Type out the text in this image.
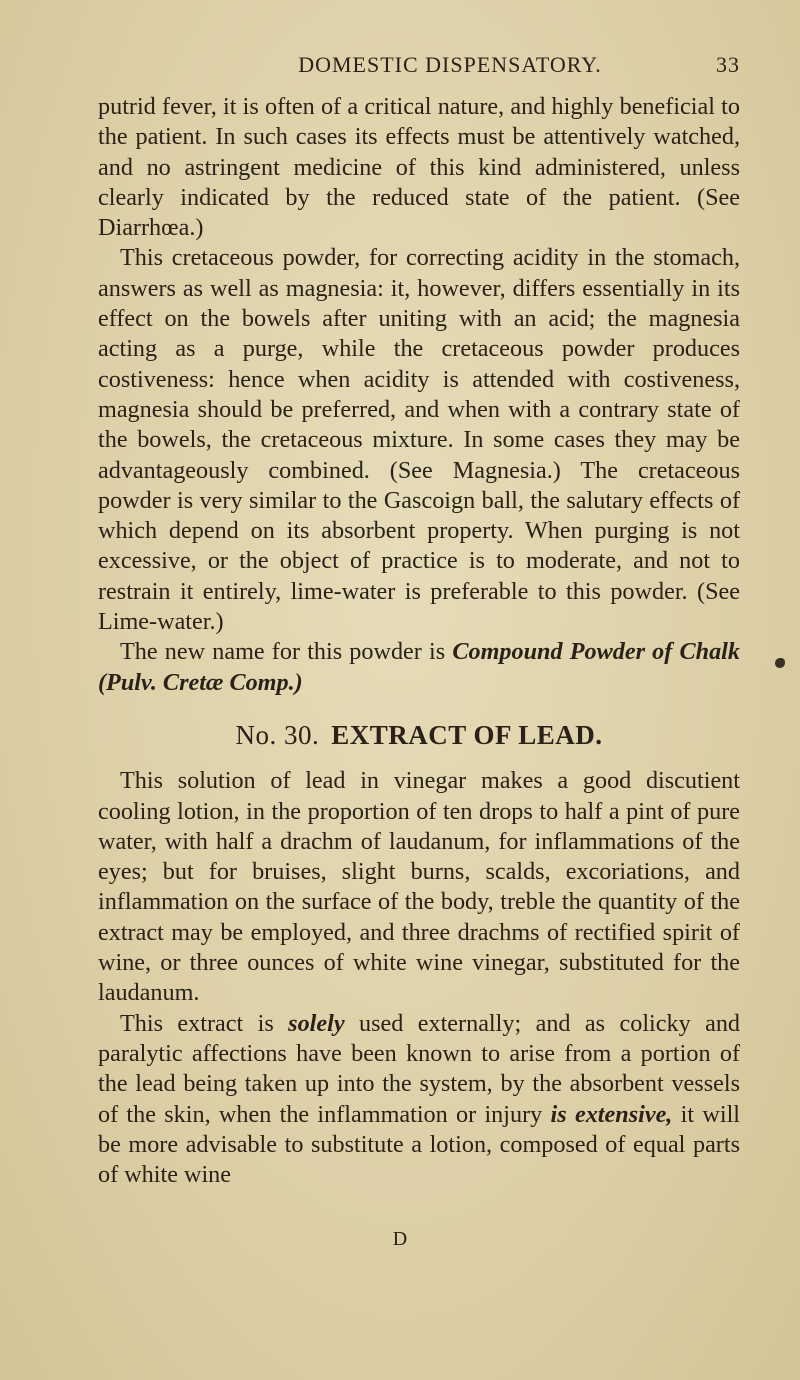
DOMESTIC DISPENSATORY.	33

putrid fever, it is often of a critical nature, and highly beneficial to the patient. In such cases its effects must be attentively watched, and no astringent medicine of this kind administered, unless clearly indicated by the reduced state of the patient. (See Diarrhœa.)

This cretaceous powder, for correcting acidity in the stomach, answers as well as magnesia: it, however, differs essentially in its effect on the bowels after uniting with an acid; the magnesia acting as a purge, while the cretaceous powder produces costiveness: hence when acidity is attended with costiveness, magnesia should be preferred, and when with a contrary state of the bowels, the cretaceous mixture. In some cases they may be advantageously combined. (See Magnesia.) The cretaceous powder is very similar to the Gascoign ball, the salutary effects of which depend on its absorbent property. When purging is not excessive, or the object of practice is to moderate, and not to restrain it entirely, lime-water is preferable to this powder. (See Lime-water.)

The new name for this powder is Compound Powder of Chalk (Pulv. Cretæ Comp.)

No. 30. EXTRACT OF LEAD.

This solution of lead in vinegar makes a good discutient cooling lotion, in the proportion of ten drops to half a pint of pure water, with half a drachm of laudanum, for inflammations of the eyes; but for bruises, slight burns, scalds, excoriations, and inflammation on the surface of the body, treble the quantity of the extract may be employed, and three drachms of rectified spirit of wine, or three ounces of white wine vinegar, substituted for the laudanum.

This extract is solely used externally; and as colicky and paralytic affections have been known to arise from a portion of the lead being taken up into the system, by the absorbent vessels of the skin, when the inflammation or injury is extensive, it will be more advisable to substitute a lotion, composed of equal parts of white wine

D
